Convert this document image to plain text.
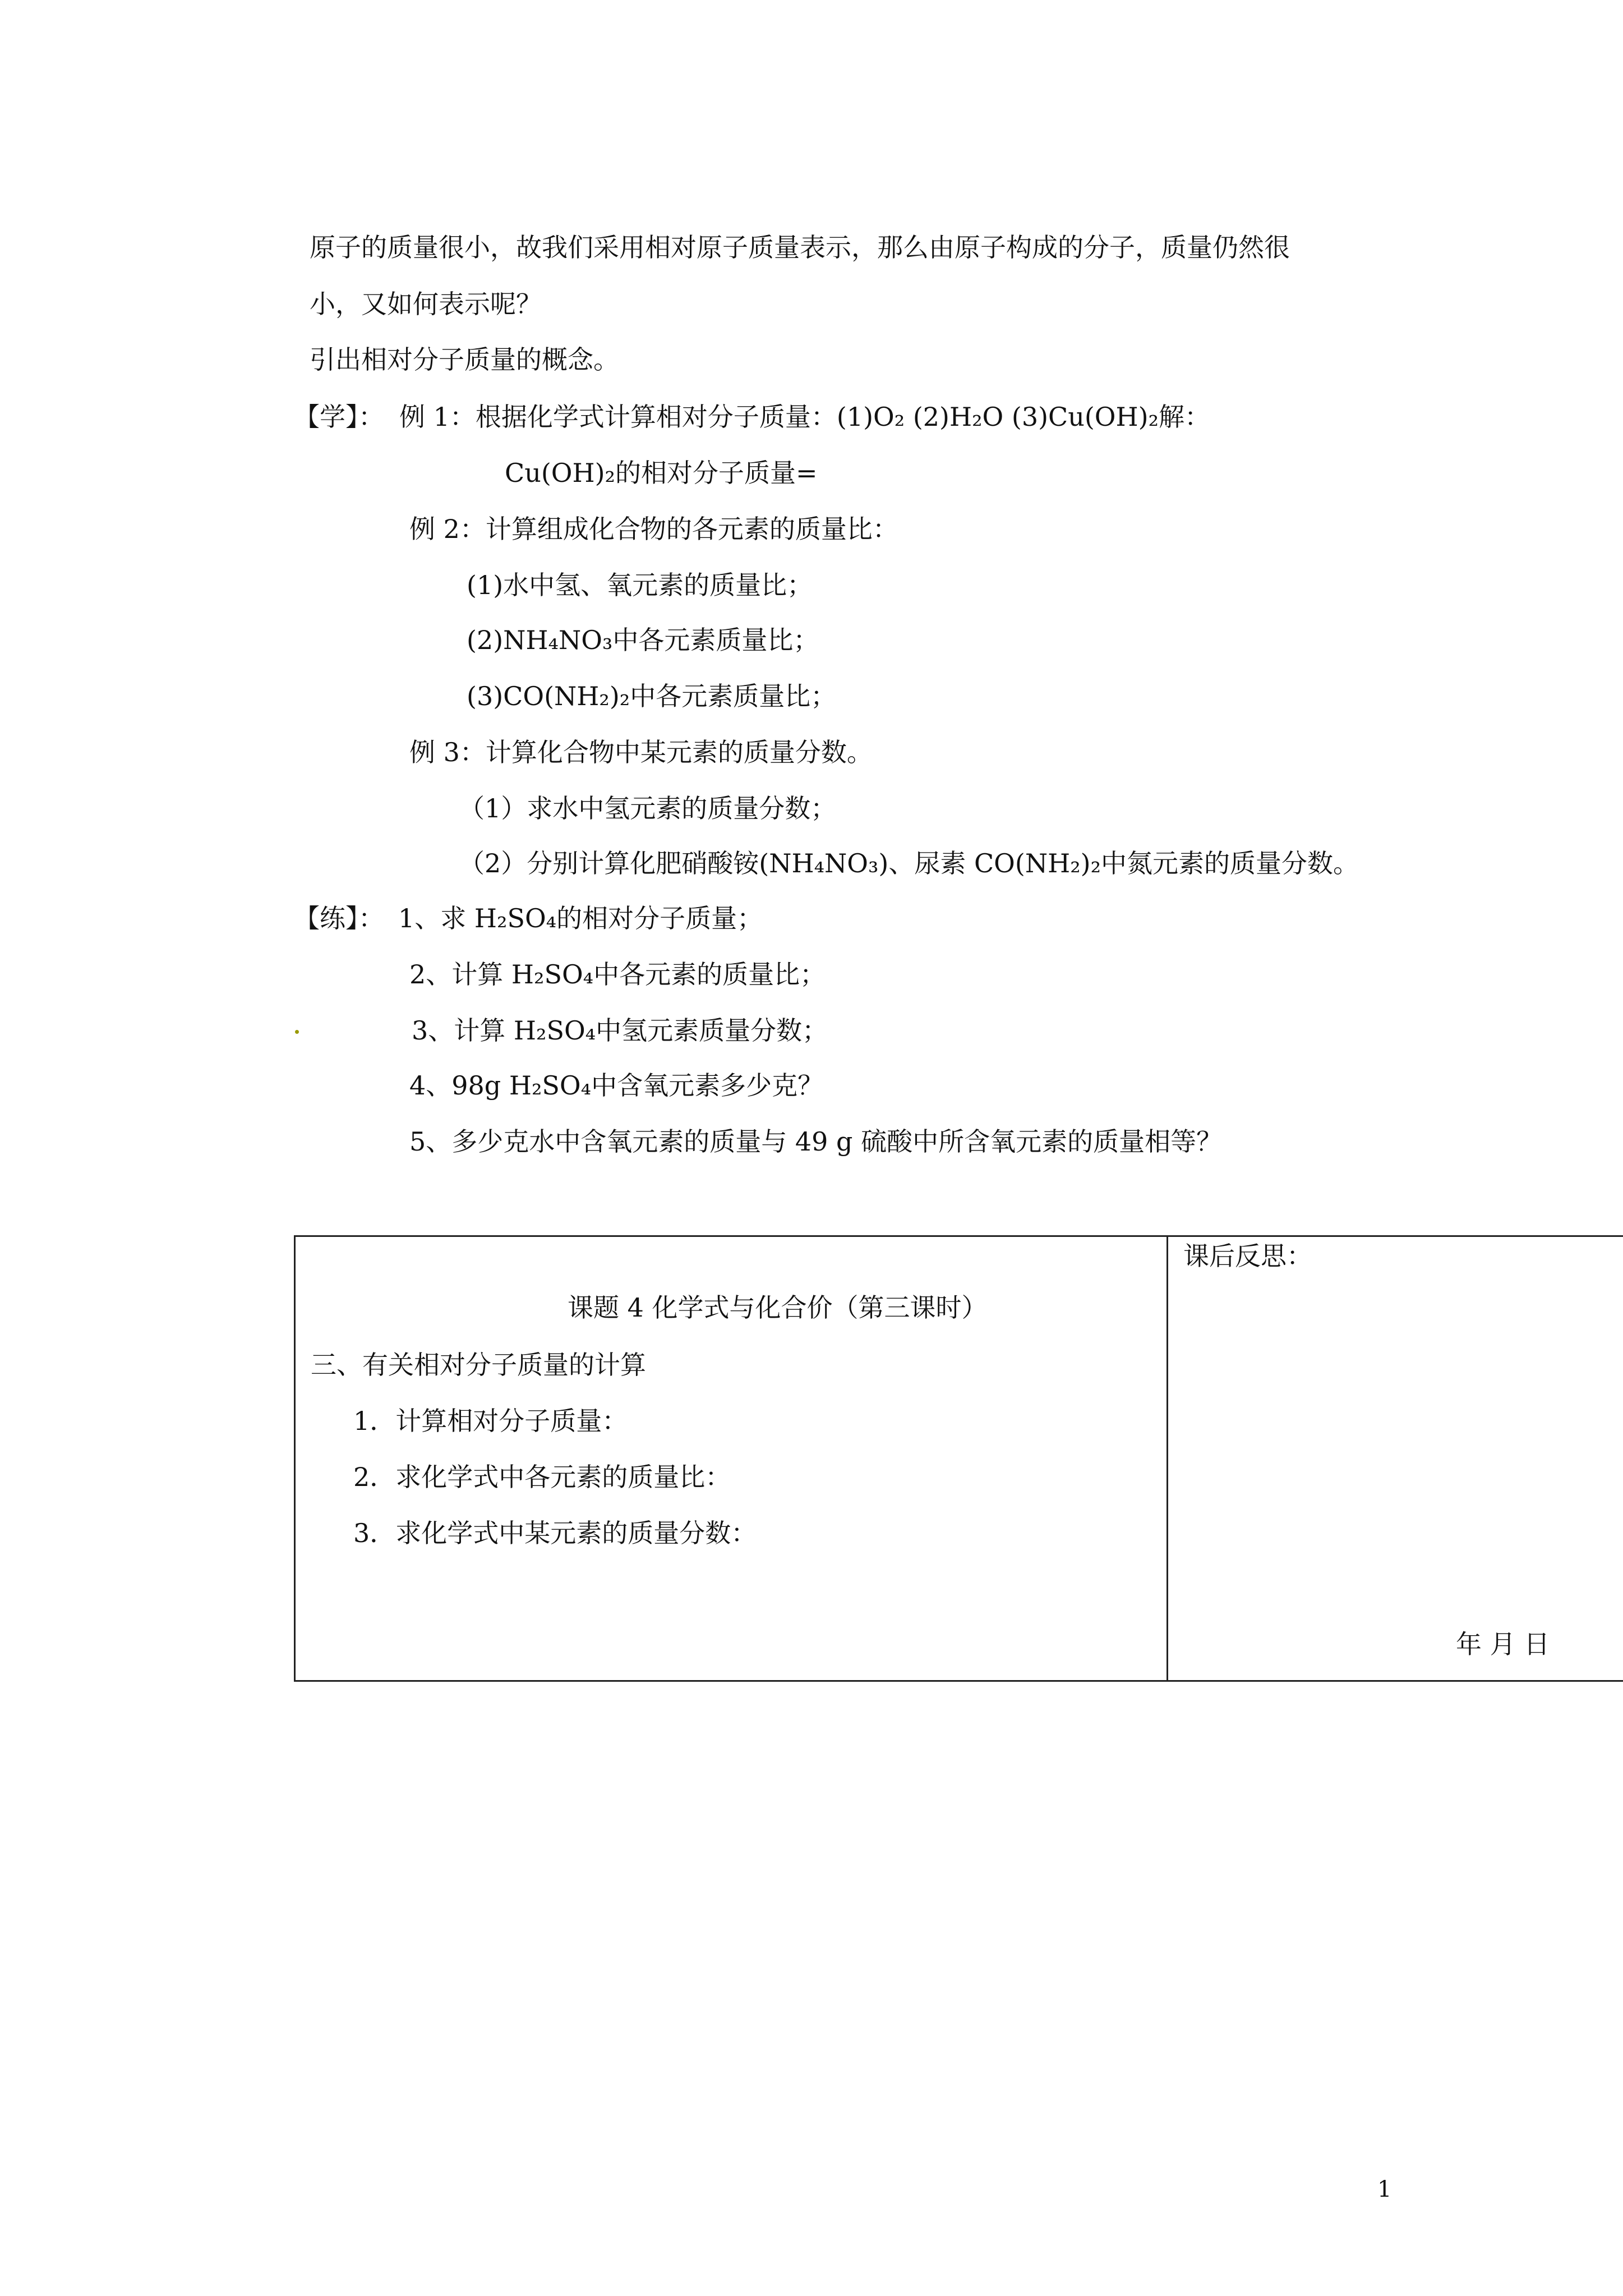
原子的质量很小，故我们采用相对原子质量表示，那么由原子构成的分子，质量仍然很
小，又如何表示呢？
引出相对分子质量的概念。
【学】： 例 1：根据化学式计算相对分子质量：(1)O₂ (2)H₂O (3)Cu(OH)₂解：
Cu(OH)₂的相对分子质量=
例 2：计算组成化合物的各元素的质量比：
(1)水中氢、氧元素的质量比；
(2)NH₄NO₃中各元素质量比；
(3)CO(NH₂)₂中各元素质量比；
例 3：计算化合物中某元素的质量分数。
（1）求水中氢元素的质量分数；
（2）分别计算化肥硝酸铵(NH₄NO₃)、尿素 CO(NH₂)₂中氮元素的质量分数。
【练】： 1、求 H₂SO₄的相对分子质量；
2、计算 H₂SO₄中各元素的质量比；
3、计算 H₂SO₄中氢元素质量分数；
4、98g H₂SO₄中含氧元素多少克？
5、多少克水中含氧元素的质量与 49 g 硫酸中所含氧元素的质量相等？
课题 4 化学式与化合价（第三课时）
三、有关相对分子质量的计算
1．计算相对分子质量：
2．求化学式中各元素的质量比：
3．求化学式中某元素的质量分数：
课后反思：
年 月 日
1
